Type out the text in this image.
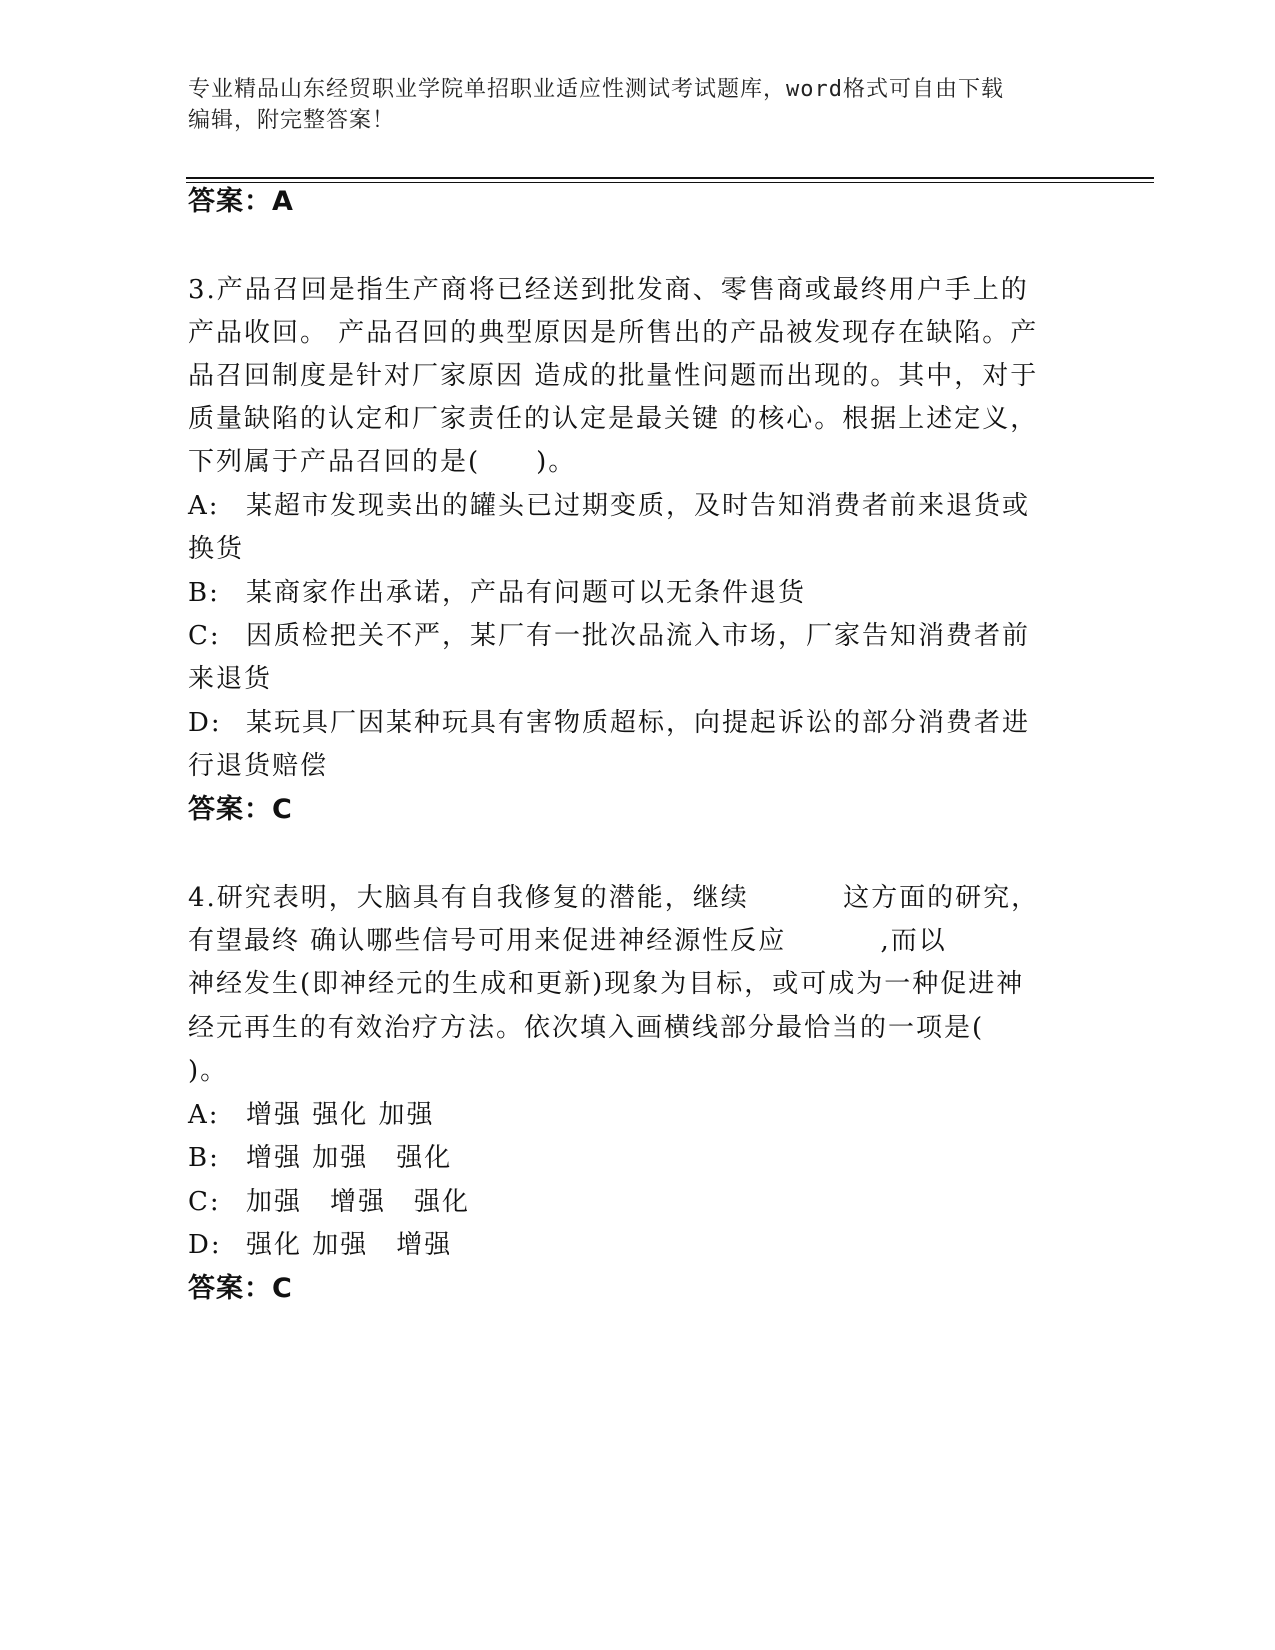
专业精品山东经贸职业学院单招职业适应性测试考试题库，word格式可自由下载
编辑，附完整答案！
答案：A
3.产品召回是指生产商将已经送到批发商、零售商或最终用户手上的
产品收回。 产品召回的典型原因是所售出的产品被发现存在缺陷。产
品召回制度是针对厂家原因 造成的批量性问题而出现的。其中，对于
质量缺陷的认定和厂家责任的认定是最关键 的核心。根据上述定义，
下列属于产品召回的是(　　)。
A: 某超市发现卖出的罐头已过期变质，及时告知消费者前来退货或
换货
B: 某商家作出承诺，产品有问题可以无条件退货
C: 因质检把关不严，某厂有一批次品流入市场，厂家告知消费者前
来退货
D: 某玩具厂因某种玩具有害物质超标，向提起诉讼的部分消费者进
行退货赔偿
答案：C
4.研究表明，大脑具有自我修复的潜能，继续　　　 这方面的研究，
有望最终 确认哪些信号可用来促进神经源性反应　　　 ,而以
神经发生(即神经元的生成和更新)现象为目标，或可成为一种促进神
经元再生的有效治疗方法。依次填入画横线部分最恰当的一项是(
)。
A: 增强 强化 加强
B: 增强 加强　强化
C: 加强　增强　强化
D: 强化 加强　增强
答案：C
